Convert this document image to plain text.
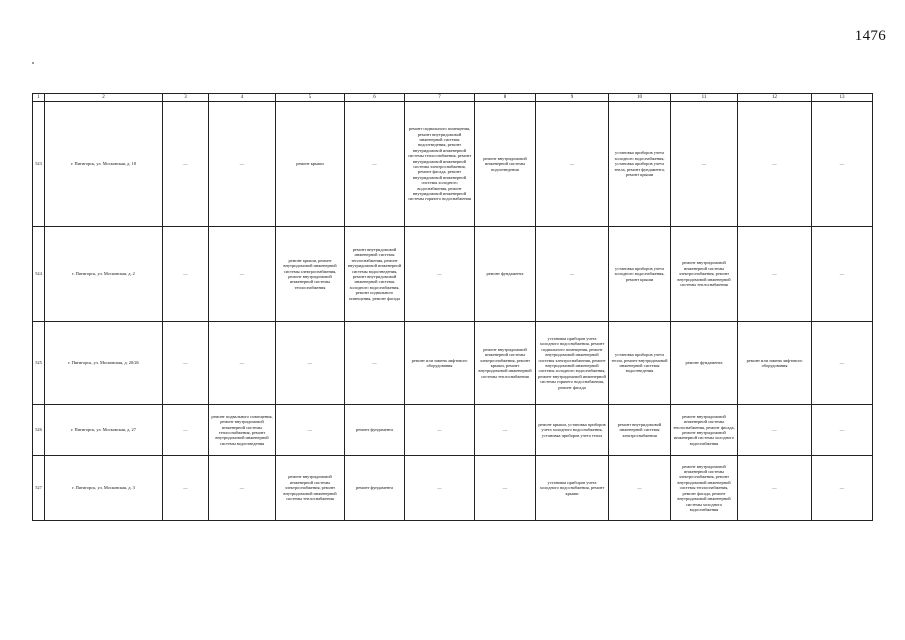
1476
1	2	3	4	5	6	7	8	9	10	11	12	13
523	г. Пятигорск, ул. Московская, д. 18	—	—	ремонт крыши	—	ремонт подвального помещения, ремонт внутридомовой инженерной системы водоотведения, ремонт внутридомовой инженерной системы теплоснабжения, ремонт внутридомовой инженерной системы электроснабжения, ремонт фасада, ремонт внутридомовой инженерной системы холодного водоснабжения, ремонт внутридомовой инженерной системы горячего водоснабжения	ремонт внутридомовой инженерной системы водоотведения	—	установка приборов учета холодного водоснабжения, установка приборов учета тепла, ремонт фундамента, ремонт крыши	—	—	—
524	г. Пятигорск, ул. Московская, д. 2	—	—	ремонт крыши, ремонт внутридомовой инженерной системы электроснабжения, ремонт внутридомовой инженерной системы теплоснабжения	ремонт внутридомовой инженерной системы теплоснабжения, ремонт внутридомовой инженерной системы водоотведения, ремонт внутридомовой инженерной системы холодного водоснабжения, ремонт подвального помещения, ремонт фасада	—	ремонт фундамента	—	установка приборов учета холодного водоснабжения, ремонт крыши	ремонт внутридомовой инженерной системы электроснабжения, ремонт внутридомовой инженерной системы теплоснабжения	—	—
525	г. Пятигорск, ул. Московская, д. 20/26	—	—	—	—	ремонт или замена лифтового оборудования	ремонт внутридомовой инженерной системы электроснабжения, ремонт крыши, ремонт внутридомовой инженерной системы теплоснабжения	установка приборов учета холодного водоснабжения, ремонт подвального помещения, ремонт внутридомовой инженерной системы электроснабжения, ремонт внутридомовой инженерной системы холодного водоснабжения, ремонт внутридомовой инженерной системы горячего водоснабжения, ремонт фасада	установка приборов учета тепла, ремонт внутридомовой инженерной системы водоотведения	ремонт фундамента	ремонт или замена лифтового оборудования	—
526	г. Пятигорск, ул. Московская, д. 27	—	ремонт подвального помещения, ремонт внутридомовой инженерной системы теплоснабжения, ремонт внутридомовой инженерной системы водоотведения	—	ремонт фундамента	—	—	ремонт крыши, установка приборов учета холодного водоснабжения, установка приборов учета тепла	ремонт внутридомовой инженерной системы электроснабжения	ремонт внутридомовой инженерной системы теплоснабжения, ремонт фасада, ремонт внутридомовой инженерной системы холодного водоснабжения	—	—
527	г. Пятигорск, ул. Московская, д. 3	—	—	ремонт внутридомовой инженерной системы электроснабжения, ремонт внутридомовой инженерной системы теплоснабжения	ремонт фундамента	—	—	установка приборов учета холодного водоснабжения, ремонт крыши	—	ремонт внутридомовой инженерной системы электроснабжения, ремонт внутридомовой инженерной системы теплоснабжения, ремонт фасада, ремонт внутридомовой инженерной системы холодного водоснабжения	—	—
